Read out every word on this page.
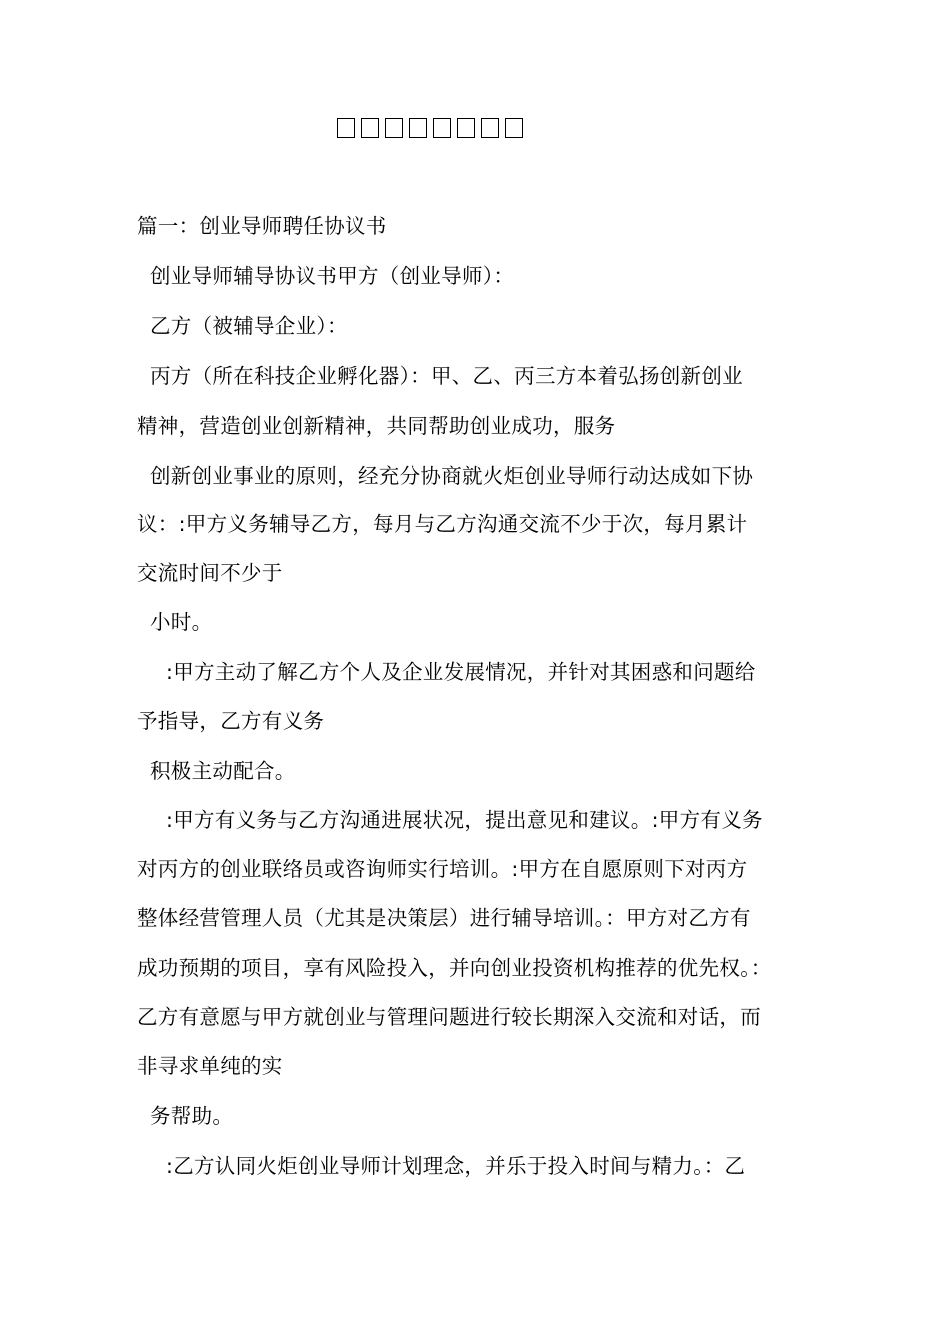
篇一：创业导师聘任协议书
创业导师辅导协议书甲方（创业导师）：
乙方（被辅导企业）：
丙方（所在科技企业孵化器）：甲、乙、丙三方本着弘扬创新创业
精神，营造创业创新精神，共同帮助创业成功，服务
创新创业事业的原则，经充分协商就火炬创业导师行动达成如下协
议：:甲方义务辅导乙方，每月与乙方沟通交流不少于次，每月累计
交流时间不少于
小时。
:甲方主动了解乙方个人及企业发展情况，并针对其困惑和问题给
予指导，乙方有义务
积极主动配合。
:甲方有义务与乙方沟通进展状况，提出意见和建议。:甲方有义务
对丙方的创业联络员或咨询师实行培训。:甲方在自愿原则下对丙方
整体经营管理人员（尤其是决策层）进行辅导培训。：甲方对乙方有
成功预期的项目，享有风险投入，并向创业投资机构推荐的优先权。：
乙方有意愿与甲方就创业与管理问题进行较长期深入交流和对话，而
非寻求单纯的实
务帮助。
:乙方认同火炬创业导师计划理念，并乐于投入时间与精力。：乙
